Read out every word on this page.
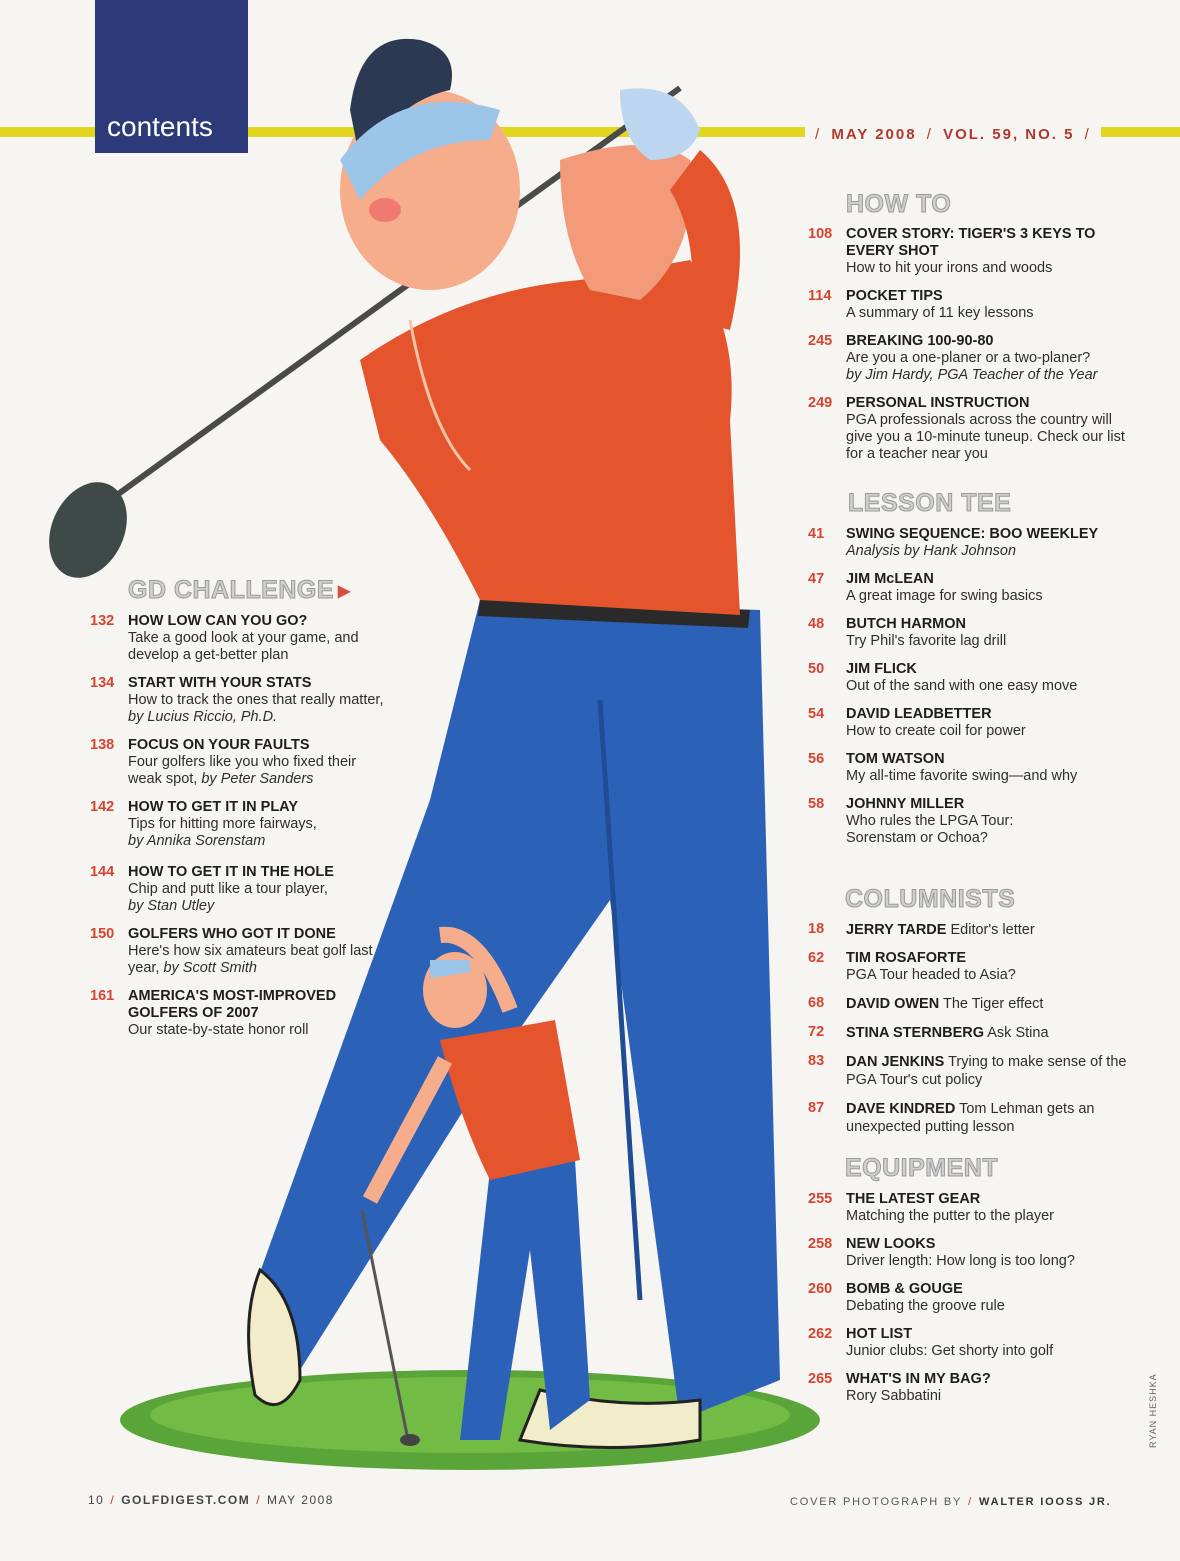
contents	/ MAY 2008 / VOL. 59, NO. 5 /
GD CHALLENGE ▶
132 HOW LOW CAN YOU GO?
Take a good look at your game, and develop a get-better plan
134 START WITH YOUR STATS
How to track the ones that really matter, by Lucius Riccio, Ph.D.
138 FOCUS ON YOUR FAULTS
Four golfers like you who fixed their weak spot, by Peter Sanders
142 HOW TO GET IT IN PLAY
Tips for hitting more fairways,
by Annika Sorenstam
144 HOW TO GET IT IN THE HOLE
Chip and putt like a tour player,
by Stan Utley
150 GOLFERS WHO GOT IT DONE
Here's how six amateurs beat golf last year, by Scott Smith
161 AMERICA'S MOST-IMPROVED GOLFERS OF 2007
Our state-by-state honor roll
HOW TO
108 COVER STORY: TIGER'S 3 KEYS TO EVERY SHOT
How to hit your irons and woods
114 POCKET TIPS
A summary of 11 key lessons
245 BREAKING 100-90-80
Are you a one-planer or a two-planer?
by Jim Hardy, PGA Teacher of the Year
249 PERSONAL INSTRUCTION
PGA professionals across the country will give you a 10-minute tuneup. Check our list for a teacher near you
LESSON TEE
41 SWING SEQUENCE: BOO WEEKLEY
Analysis by Hank Johnson
47 JIM McLEAN
A great image for swing basics
48 BUTCH HARMON
Try Phil's favorite lag drill
50 JIM FLICK
Out of the sand with one easy move
54 DAVID LEADBETTER
How to create coil for power
56 TOM WATSON
My all-time favorite swing—and why
58 JOHNNY MILLER
Who rules the LPGA Tour: Sorenstam or Ochoa?
COLUMNISTS
18 JERRY TARDE Editor's letter
62 TIM ROSAFORTE
PGA Tour headed to Asia?
68 DAVID OWEN The Tiger effect
72 STINA STERNBERG Ask Stina
83 DAN JENKINS Trying to make sense of the PGA Tour's cut policy
87 DAVE KINDRED Tom Lehman gets an unexpected putting lesson
EQUIPMENT
255 THE LATEST GEAR
Matching the putter to the player
258 NEW LOOKS
Driver length: How long is too long?
260 BOMB & GOUGE
Debating the groove rule
262 HOT LIST
Junior clubs: Get shorty into golf
265 WHAT'S IN MY BAG?
Rory Sabbatini
10 / GOLFDIGEST.COM / MAY 2008	COVER PHOTOGRAPH BY / WALTER IOOSS JR.
RYAN HESHKA
